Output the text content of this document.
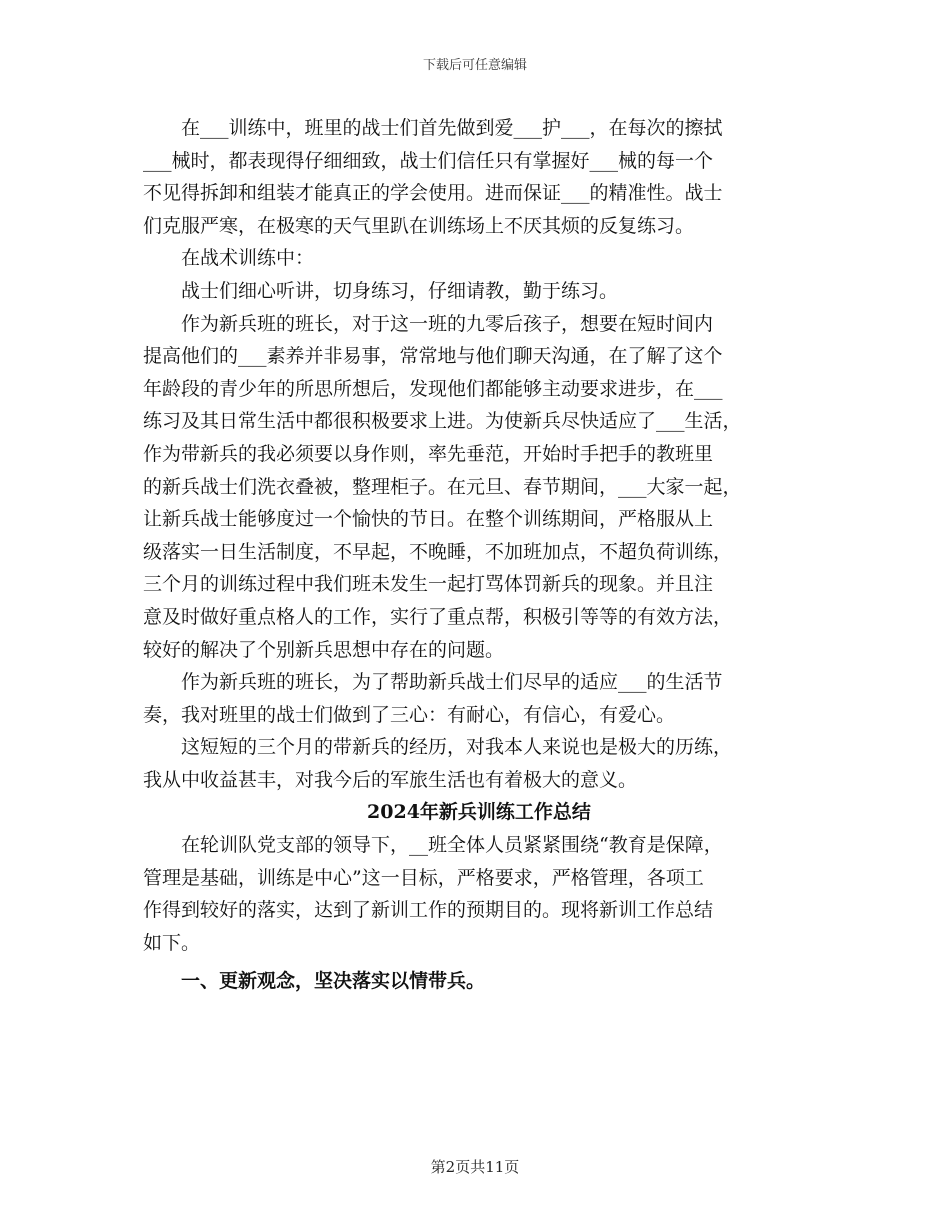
下载后可任意编辑

在___训练中，班里的战士们首先做到爱___护___，在每次的擦拭
___械时，都表现得仔细细致，战士们信任只有掌握好___械的每一个
不见得拆卸和组装才能真正的学会使用。进而保证___的精准性。战士
们克服严寒，在极寒的天气里趴在训练场上不厌其烦的反复练习。

在战术训练中：

战士们细心听讲，切身练习，仔细请教，勤于练习。

作为新兵班的班长，对于这一班的九零后孩子，想要在短时间内
提高他们的___素养并非易事，常常地与他们聊天沟通，在了解了这个
年龄段的青少年的所思所想后，发现他们都能够主动要求进步，在___
练习及其日常生活中都很积极要求上进。为使新兵尽快适应了___生活，
作为带新兵的我必须要以身作则，率先垂范，开始时手把手的教班里
的新兵战士们洗衣叠被，整理柜子。在元旦、春节期间，___大家一起，
让新兵战士能够度过一个愉快的节日。在整个训练期间，严格服从上
级落实一日生活制度，不早起，不晚睡，不加班加点，不超负荷训练，
三个月的训练过程中我们班未发生一起打骂体罚新兵的现象。并且注
意及时做好重点格人的工作，实行了重点帮，积极引等等的有效方法，
较好的解决了个别新兵思想中存在的问题。

作为新兵班的班长，为了帮助新兵战士们尽早的适应___的生活节
奏，我对班里的战士们做到了三心：有耐心，有信心，有爱心。

这短短的三个月的带新兵的经历，对我本人来说也是极大的历练，
我从中收益甚丰，对我今后的军旅生活也有着极大的意义。

2024年新兵训练工作总结

在轮训队党支部的领导下，__班全体人员紧紧围绕“教育是保障，
管理是基础，训练是中心”这一目标，严格要求，严格管理，各项工
作得到较好的落实，达到了新训工作的预期目的。现将新训工作总结
如下。

一、更新观念，坚决落实以情带兵。
第2页共11页
